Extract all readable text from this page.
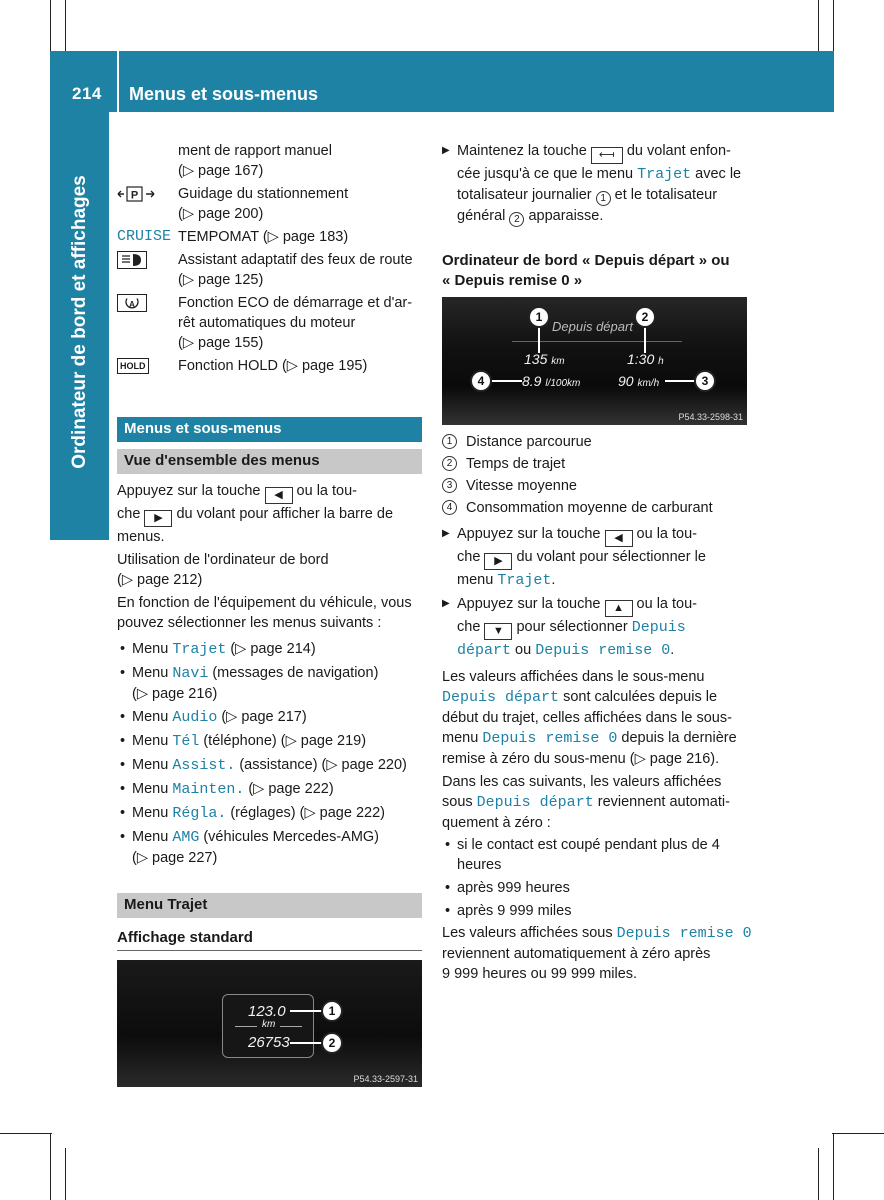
214 Menus et sous-menus
Ordinateur de bord et affichages
ment de rapport manuel
(▷ page 167)
P	Guidage du stationnement
(▷ page 200)
CRUISE TEMPOMAT (▷ page 183)
Assistant adaptatif des feux de route
(▷ page 125)
A	Fonction ECO de démarrage et d'ar-
rêt automatiques du moteur
(▷ page 155)
HOLD Fonction HOLD (▷ page 195)
Menus et sous-menus
Vue d'ensemble des menus
Appuyez sur la touche ◀ ou la tou-
che ▶ du volant pour afficher la barre de
menus.
Utilisation de l'ordinateur de bord
(▷ page 212)
En fonction de l'équipement du véhicule, vous
pouvez sélectionner les menus suivants :
• Menu Trajet (▷ page 214)
• Menu Navi (messages de navigation)
(▷ page 216)
• Menu Audio (▷ page 217)
• Menu Tél (téléphone) (▷ page 219)
• Menu Assist. (assistance) (▷ page 220)
• Menu Mainten. (▷ page 222)
• Menu Régla. (réglages) (▷ page 222)
• Menu AMG (véhicules Mercedes-AMG)
(▷ page 227)
Menu Trajet
Affichage standard
123.0
km
26753
1
2
P54.33-2597-31
▶ Maintenez la touche ⟻ du volant enfon-
cée jusqu'à ce que le menu Trajet avec le
totalisateur journalier 1 et le totalisateur
général 2 apparaisse.
Ordinateur de bord « Depuis départ » ou
« Depuis remise 0 »
Depuis départ
1	2
135 km	1:30 h
4	3
8.9 l/100km	90 km/h
P54.33-2598-31
1 Distance parcourue
2 Temps de trajet
3 Vitesse moyenne
4 Consommation moyenne de carburant
▶ Appuyez sur la touche ◀ ou la tou-
che ▶ du volant pour sélectionner le
menu Trajet.
▶ Appuyez sur la touche ▲ ou la tou-
che ▼ pour sélectionner Depuis
départ ou Depuis remise 0.
Les valeurs affichées dans le sous-menu
Depuis départ sont calculées depuis le
début du trajet, celles affichées dans le sous-
menu Depuis remise 0 depuis la dernière
remise à zéro du sous-menu (▷ page 216).
Dans les cas suivants, les valeurs affichées
sous Depuis départ reviennent automati-
quement à zéro :
• si le contact est coupé pendant plus de 4
heures
• après 999 heures
• après 9 999 miles
Les valeurs affichées sous Depuis remise 0
reviennent automatiquement à zéro après
9 999 heures ou 99 999 miles.
